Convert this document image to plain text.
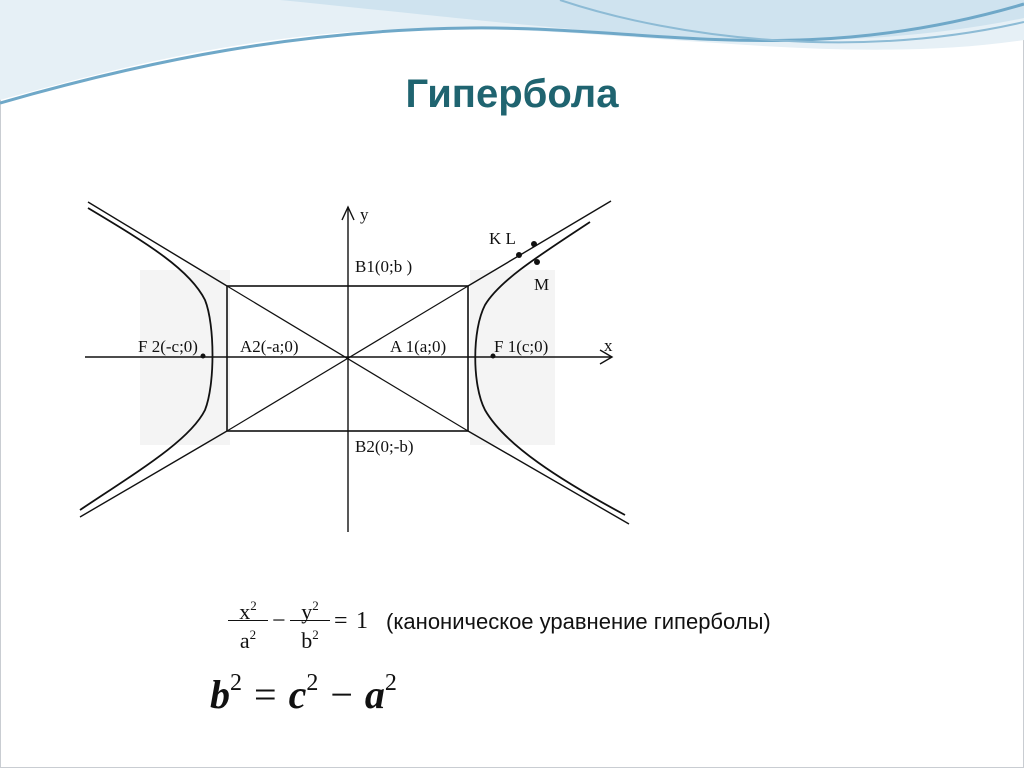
Гипербола
y
x
B1(0;b )
B2(0;-b)
A 1(a;0)
A2(-a;0)	F 1(c;0)
F 2(-c;0)
K L
M
$x^2$
$a^2$
− $y^2$
$b^2$
= 1 (каноническое уравнение гиперболы)
$b^2 = c^2 - a^2$
